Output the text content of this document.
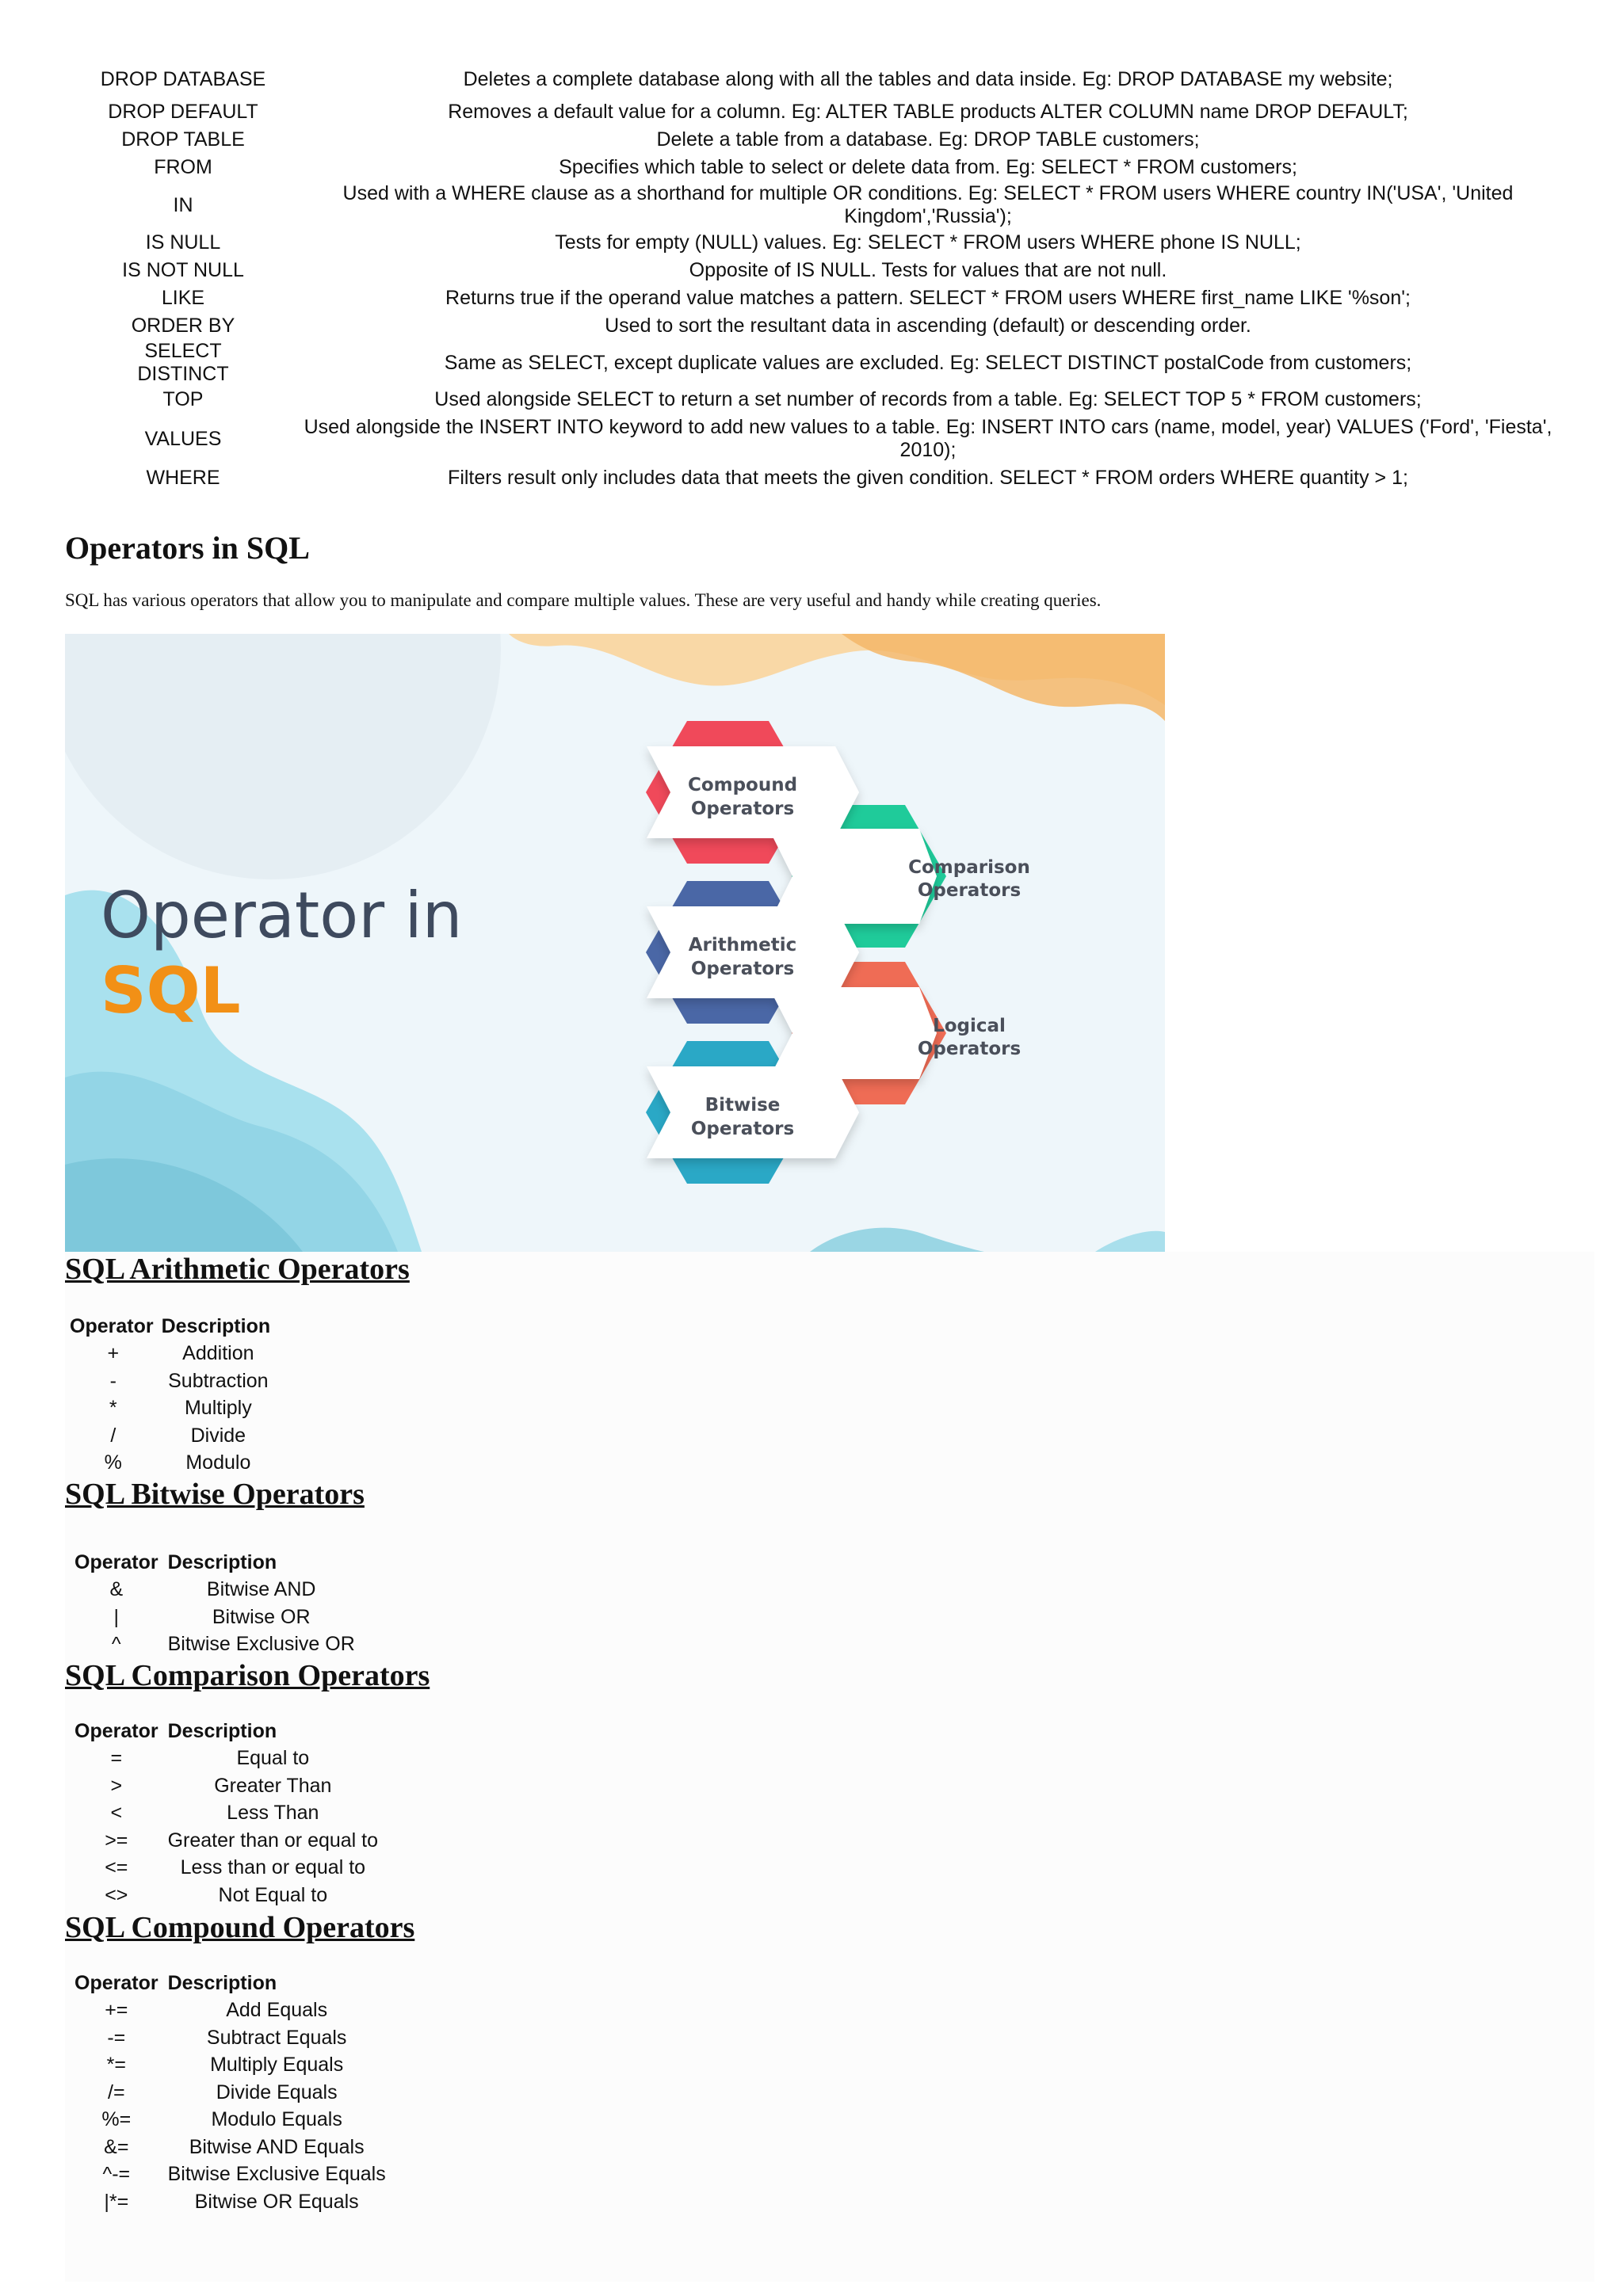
DROP DATABASE	Deletes a complete database along with all the tables and data inside. Eg: DROP DATABASE my website;
DROP DEFAULT	Removes a default value for a column. Eg: ALTER TABLE products ALTER COLUMN name DROP DEFAULT;
DROP TABLE	Delete a table from a database. Eg: DROP TABLE customers;
FROM	Specifies which table to select or delete data from. Eg: SELECT * FROM customers;
IN	Used with a WHERE clause as a shorthand for multiple OR conditions. Eg: SELECT * FROM users WHERE country IN('USA', 'United Kingdom','Russia');
IS NULL	Tests for empty (NULL) values. Eg: SELECT * FROM users WHERE phone IS NULL;
IS NOT NULL	Opposite of IS NULL. Tests for values that are not null.
LIKE	Returns true if the operand value matches a pattern. SELECT * FROM users WHERE first_name LIKE '%son';
ORDER BY	Used to sort the resultant data in ascending (default) or descending order.
SELECT DISTINCT	Same as SELECT, except duplicate values are excluded. Eg: SELECT DISTINCT postalCode from customers;
TOP	Used alongside SELECT to return a set number of records from a table. Eg: SELECT TOP 5 * FROM customers;
VALUES	Used alongside the INSERT INTO keyword to add new values to a table. Eg: INSERT INTO cars (name, model, year) VALUES ('Ford', 'Fiesta', 2010);
WHERE	Filters result only includes data that meets the given condition. SELECT * FROM orders WHERE quantity > 1;
Operators in SQL

SQL has various operators that allow you to manipulate and compare multiple values. These are very useful and handy while creating queries.

Operator in
SQL
Compound
Operators
Comparison
Operators
Arithmetic
Operators
Logical
Operators
Bitwise
Operators
SQL Arithmetic Operators
Operator	Description
+	Addition
-	Subtraction
*	Multiply
/	Divide
%	Modulo
SQL Bitwise Operators
Operator	Description
&	Bitwise AND
|	Bitwise OR
^	Bitwise Exclusive OR
SQL Comparison Operators
Operator	Description
=	Equal to
>	Greater Than
<	Less Than
>=	Greater than or equal to
<=	Less than or equal to
<>	Not Equal to
SQL Compound Operators
Operator	Description
+=	Add Equals
-=	Subtract Equals
*=	Multiply Equals
/=	Divide Equals
%=	Modulo Equals
&=	Bitwise AND Equals
^-=	Bitwise Exclusive Equals
|*=	Bitwise OR Equals
